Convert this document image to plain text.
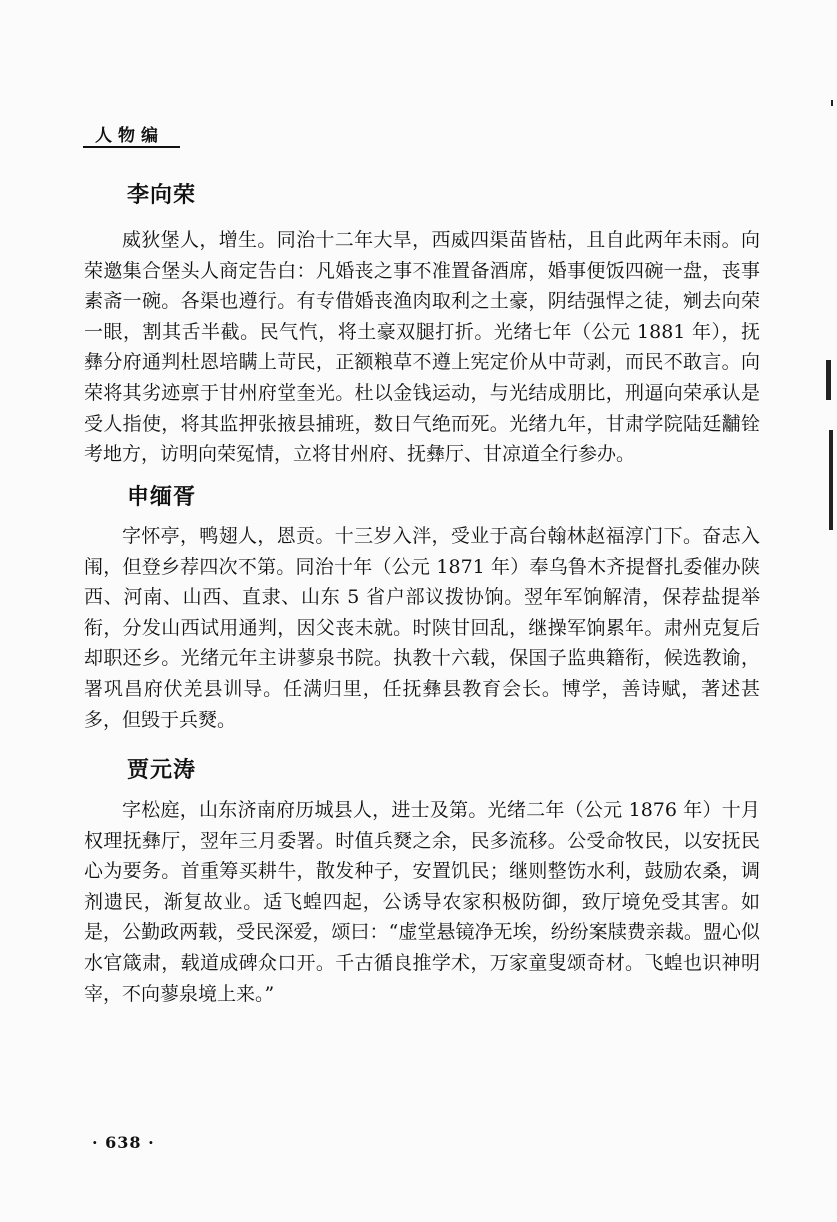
人物编
李向荣

威狄堡人，增生。同治十二年大旱，西威四渠苗皆枯，且自此两年未雨。向荣邀集合堡头人商定告白：凡婚丧之事不准置备酒席，婚事便饭四碗一盘，丧事素斋一碗。各渠也遵行。有专借婚丧渔肉取利之土豪，阴结强悍之徒，剜去向荣一眼，割其舌半截。民气忾，将土豪双腿打折。光绪七年（公元 1881 年），抚彝分府通判杜恩培瞒上苛民，正额粮草不遵上宪定价从中苛剥，而民不敢言。向荣将其劣迹禀于甘州府堂奎光。杜以金钱运动，与光结成朋比，刑逼向荣承认是受人指使，将其监押张掖县捕班，数日气绝而死。光绪九年，甘肃学院陆廷黼铨考地方，访明向荣冤情，立将甘州府、抚彝厅、甘凉道全行参办。

申缅胥

字怀亭，鸭翅人，恩贡。十三岁入泮，受业于高台翰林赵福淳门下。奋志入闱，但登乡荐四次不第。同治十年（公元 1871 年）奉乌鲁木齐提督扎委催办陕西、河南、山西、直隶、山东 5 省户部议拨协饷。翌年军饷解清，保荐盐提举衔，分发山西试用通判，因父丧未就。时陕甘回乱，继操军饷累年。肃州克复后却职还乡。光绪元年主讲蓼泉书院。执教十六载，保国子监典籍衔，候选教谕，署巩昌府伏羌县训导。任满归里，任抚彝县教育会长。博学，善诗赋，著述甚多，但毁于兵燹。

贾元涛

字松庭，山东济南府历城县人，进士及第。光绪二年（公元 1876 年）十月权理抚彝厅，翌年三月委署。时值兵燹之余，民多流移。公受命牧民，以安抚民心为要务。首重筹买耕牛，散发种子，安置饥民；继则整饬水利，鼓励农桑，调剂遗民，渐复故业。适飞蝗四起，公诱导农家积极防御，致厅境免受其害。如是，公勤政两载，受民深爱，颂曰：“虚堂悬镜净无埃，纷纷案牍费亲裁。盟心似水官箴肃，载道成碑众口开。千古循良推学术，万家童叟颂奇材。飞蝗也识神明宰，不向蓼泉境上来。”

· 638 ·
